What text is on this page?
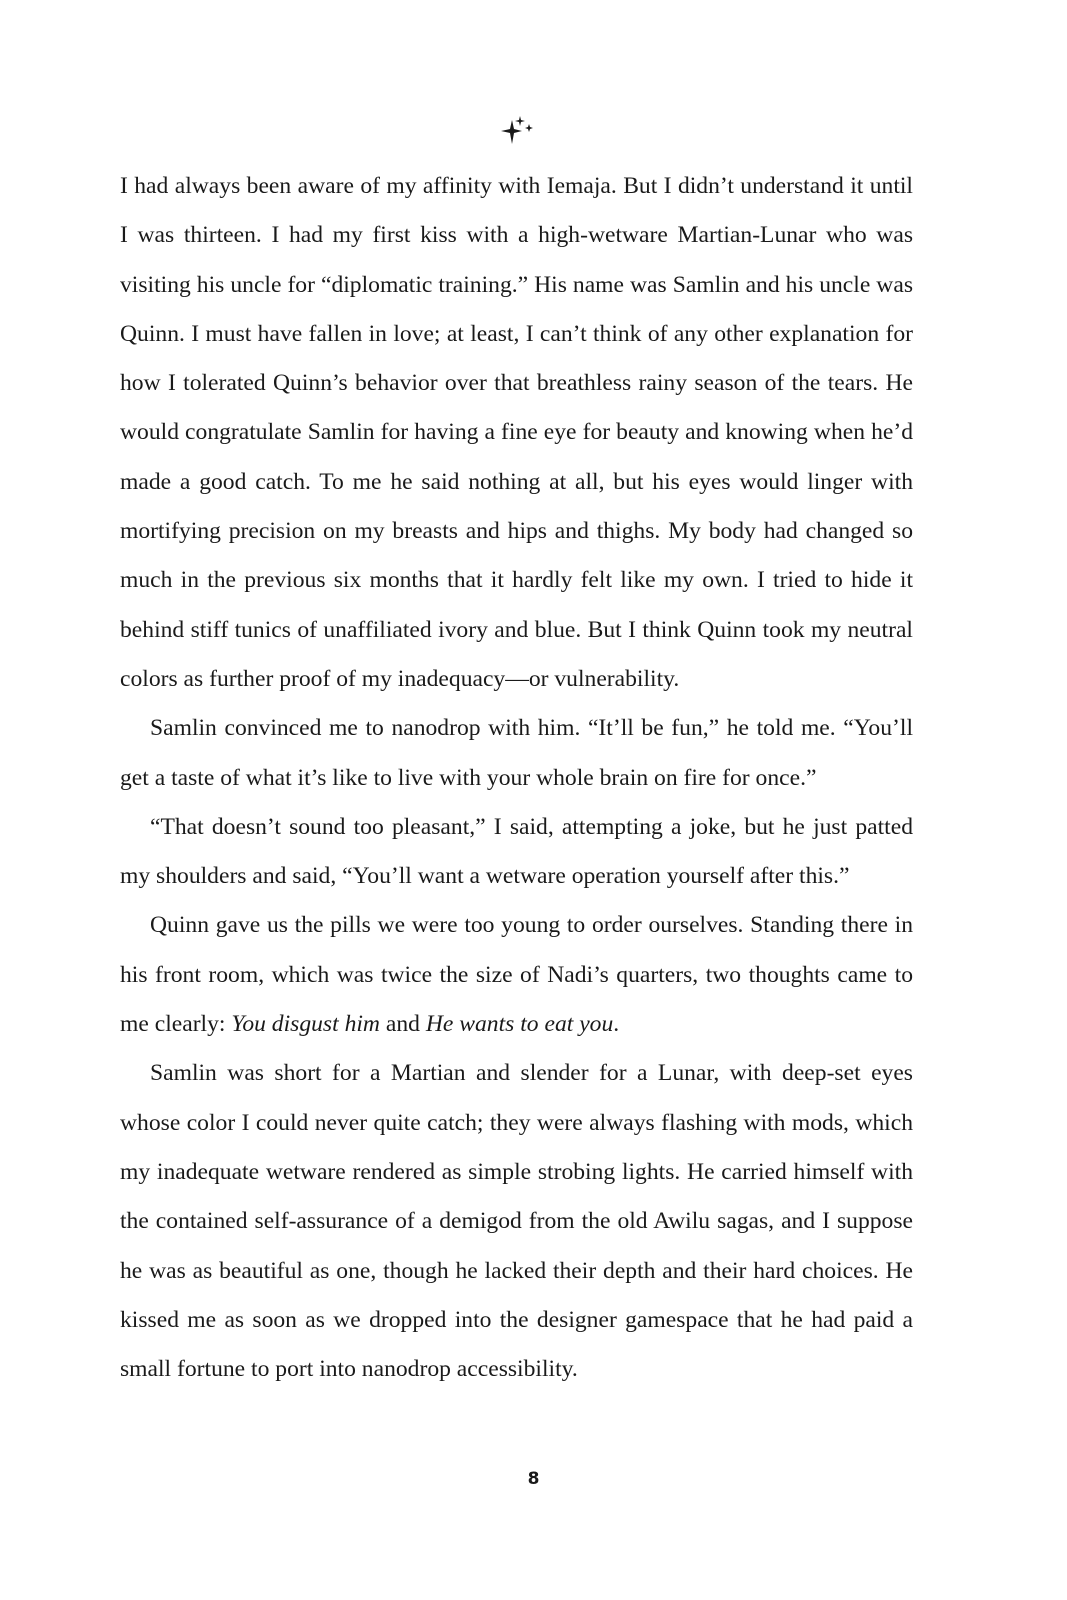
I had always been aware of my affinity with Iemaja. But I didn’t understand it until I was thirteen. I had my first kiss with a high-wetware Martian-Lunar who was visiting his uncle for “diplomatic training.” His name was Samlin and his uncle was Quinn. I must have fallen in love; at least, I can’t think of any other explanation for how I tolerated Quinn’s behavior over that breathless rainy season of the tears. He would congratulate Samlin for having a fine eye for beauty and knowing when he’d made a good catch. To me he said nothing at all, but his eyes would linger with mortifying precision on my breasts and hips and thighs. My body had changed so much in the previous six months that it hardly felt like my own. I tried to hide it behind stiff tunics of unaffiliated ivory and blue. But I think Quinn took my neutral colors as further proof of my inadequacy—or vulnerability.

Samlin convinced me to nanodrop with him. “It’ll be fun,” he told me. “You’ll get a taste of what it’s like to live with your whole brain on fire for once.”

“That doesn’t sound too pleasant,” I said, attempting a joke, but he just patted my shoulders and said, “You’ll want a wetware operation yourself after this.”

Quinn gave us the pills we were too young to order ourselves. Standing there in his front room, which was twice the size of Nadi’s quarters, two thoughts came to me clearly: You disgust him and He wants to eat you.

Samlin was short for a Martian and slender for a Lunar, with deep-set eyes whose color I could never quite catch; they were always flashing with mods, which my inadequate wetware rendered as simple strobing lights. He carried himself with the contained self-assurance of a demigod from the old Awilu sagas, and I suppose he was as beautiful as one, though he lacked their depth and their hard choices. He kissed me as soon as we dropped into the designer gamespace that he had paid a small fortune to port into nanodrop accessibility.

8
